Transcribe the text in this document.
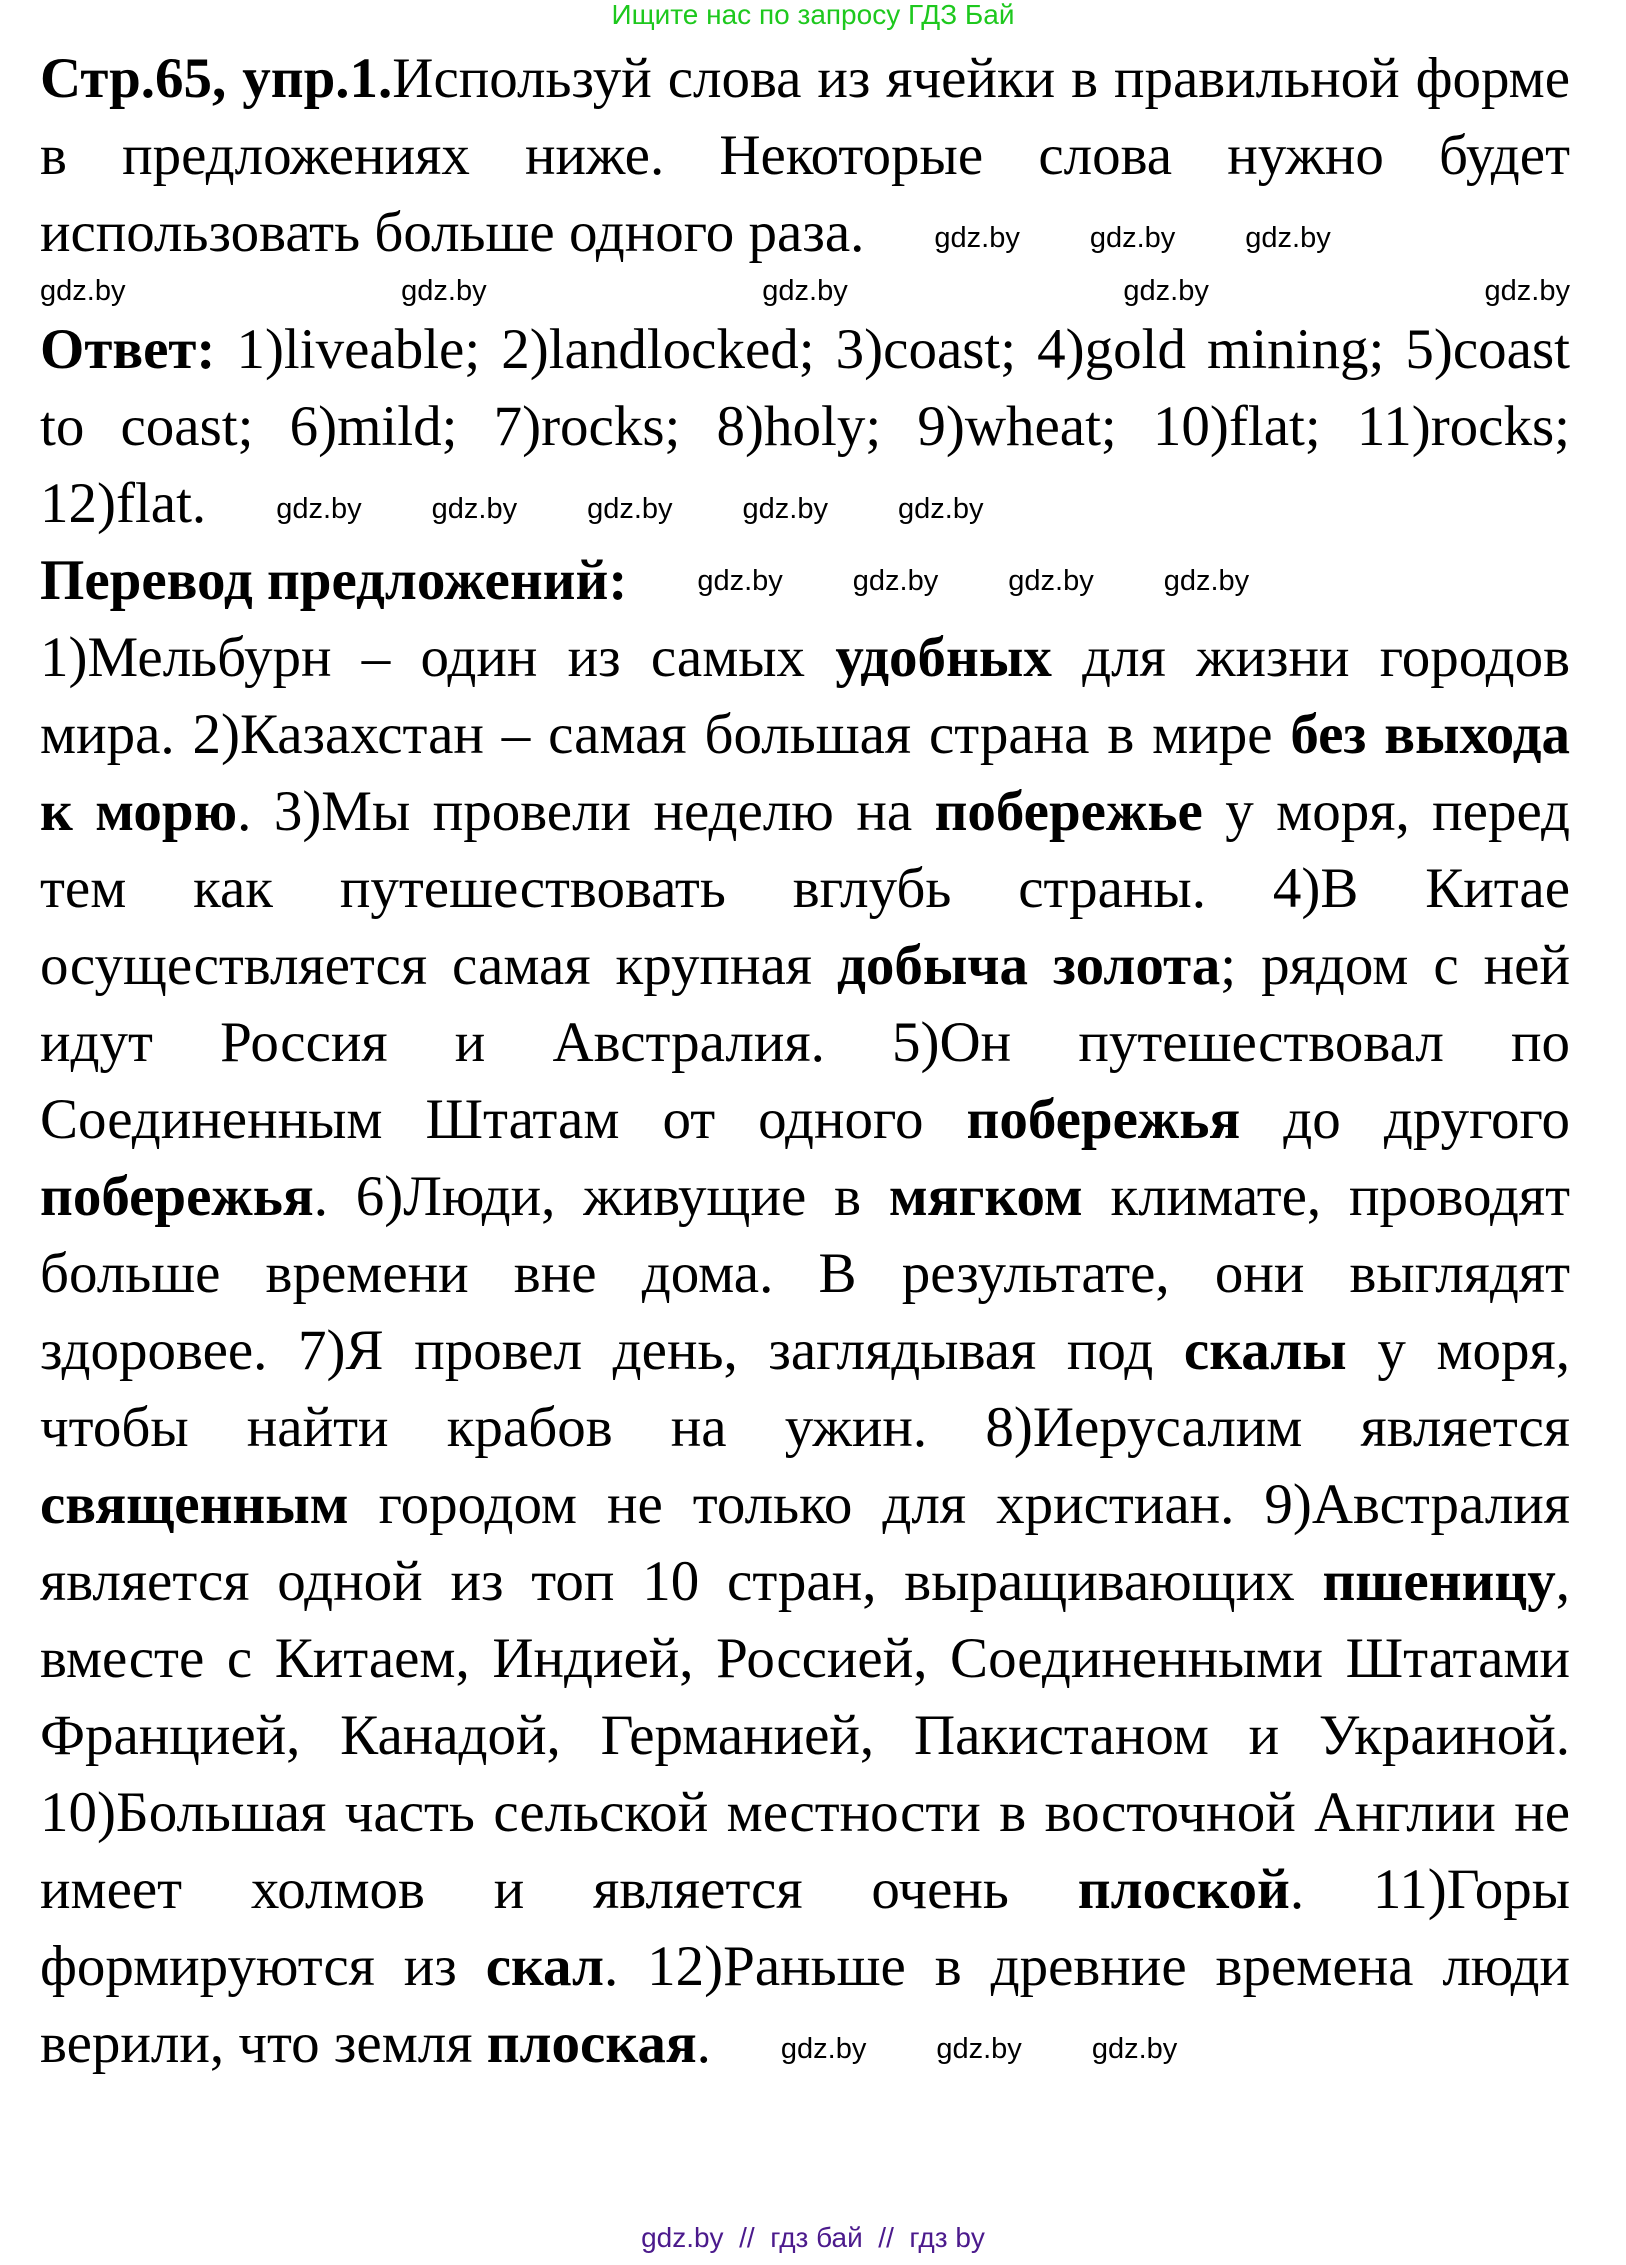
Ищите нас по запросу ГДЗ Бай
Стр.65, упр.1.Используй слова из ячейки в правильной форме в предложениях ниже. Некоторые слова нужно будет использовать больше одного раза. gdz.by gdz.by gdz.by
gdz.by	gdz.by	gdz.by	gdz.by	gdz.by
Ответ: 1)liveable; 2)landlocked; 3)coast; 4)gold mining; 5)coast to coast; 6)mild; 7)rocks; 8)holy; 9)wheat; 10)flat; 11)rocks; 12)flat. gdz.by gdz.by gdz.by gdz.by gdz.by
Перевод предложений: gdz.by gdz.by gdz.by gdz.by
1)Мельбурн – один из самых удобных для жизни городов мира. 2)Казахстан – самая большая страна в мире без выхода к морю. 3)Мы провели неделю на побережье у моря, перед тем как путешествовать вглубь страны. 4)В Китае осуществляется самая крупная добыча золота; рядом с ней идут Россия и Австралия. 5)Он путешествовал по Соединенным Штатам от одного побережья до другого побережья. 6)Люди, живущие в мягком климате, проводят больше времени вне дома. В результате, они выглядят здоровее. 7)Я провел день, заглядывая под скалы у моря, чтобы найти крабов на ужин. 8)Иерусалим является священным городом не только для христиан. 9)Австралия является одной из топ 10 стран, выращивающих пшеницу, вместе с Китаем, Индией, Россией, Соединенными Штатами Францией, Канадой, Германией, Пакистаном и Украиной. 10)Большая часть сельской местности в восточной Англии не имеет холмов и является очень плоской. 11)Горы формируются из скал. 12)Раньше в древние времена люди верили, что земля плоская. gdz.by gdz.by gdz.by
gdz.by  //  гдз бай  //  гдз by
